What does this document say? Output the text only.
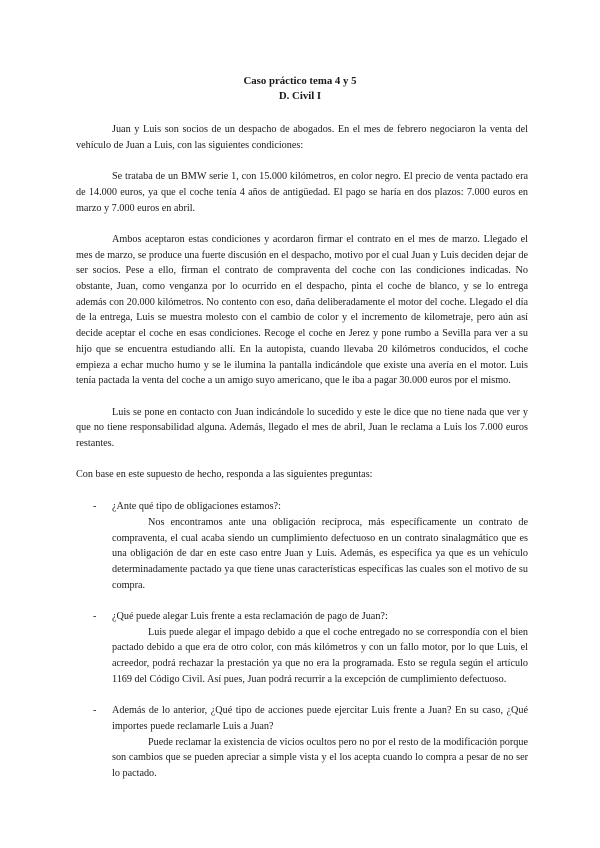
Caso práctico tema 4 y 5
D. Civil I

Juan y Luis son socios de un despacho de abogados. En el mes de febrero negociaron la venta del vehículo de Juan a Luis, con las siguientes condiciones:

Se trataba de un BMW serie 1, con 15.000 kilómetros, en color negro. El precio de venta pactado era de 14.000 euros, ya que el coche tenía 4 años de antigüedad. El pago se haría en dos plazos: 7.000 euros en marzo y 7.000 euros en abril.

Ambos aceptaron estas condiciones y acordaron firmar el contrato en el mes de marzo. Llegado el mes de marzo, se produce una fuerte discusión en el despacho, motivo por el cual Juan y Luis deciden dejar de ser socios. Pese a ello, firman el contrato de compraventa del coche con las condiciones indicadas. No obstante, Juan, como venganza por lo ocurrido en el despacho, pinta el coche de blanco, y se lo entrega además con 20.000 kilómetros. No contento con eso, daña deliberadamente el motor del coche. Llegado el día de la entrega, Luis se muestra molesto con el cambio de color y el incremento de kilometraje, pero aún así decide aceptar el coche en esas condiciones. Recoge el coche en Jerez y pone rumbo a Sevilla para ver a su hijo que se encuentra estudiando allí. En la autopista, cuando llevaba 20 kilómetros conducidos, el coche empieza a echar mucho humo y se le ilumina la pantalla indicándole que existe una avería en el motor. Luis tenía pactada la venta del coche a un amigo suyo americano, que le iba a pagar 30.000 euros por el mismo.

Luis se pone en contacto con Juan indicándole lo sucedido y este le dice que no tiene nada que ver y que no tiene responsabilidad alguna. Además, llegado el mes de abril, Juan le reclama a Luis los 7.000 euros restantes.

Con base en este supuesto de hecho, responda a las siguientes preguntas:

- ¿Ante qué tipo de obligaciones estamos?:

Nos encontramos ante una obligación recíproca, más específicamente un contrato de compraventa, el cual acaba siendo un cumplimiento defectuoso en un contrato sinalagmático que es una obligación de dar en este caso entre Juan y Luis. Además, es específica ya que es un vehículo determinadamente pactado ya que tiene unas características específicas las cuales son el motivo de su compra.

- ¿Qué puede alegar Luis frente a esta reclamación de pago de Juan?:

Luis puede alegar el impago debido a que el coche entregado no se correspondía con el bien pactado debido a que era de otro color, con más kilómetros y con un fallo motor, por lo que Luis, el acreedor, podrá rechazar la prestación ya que no era la programada. Esto se regula según el artículo 1169 del Código Civil. Así pues, Juan podrá recurrir a la excepción de cumplimiento defectuoso.

- Además de lo anterior, ¿Qué tipo de acciones puede ejercitar Luis frente a Juan? En su caso, ¿Qué importes puede reclamarle Luis a Juan?

Puede reclamar la existencia de vicios ocultos pero no por el resto de la modificación porque son cambios que se pueden apreciar a simple vista y el los acepta cuando lo compra a pesar de no ser lo pactado.
